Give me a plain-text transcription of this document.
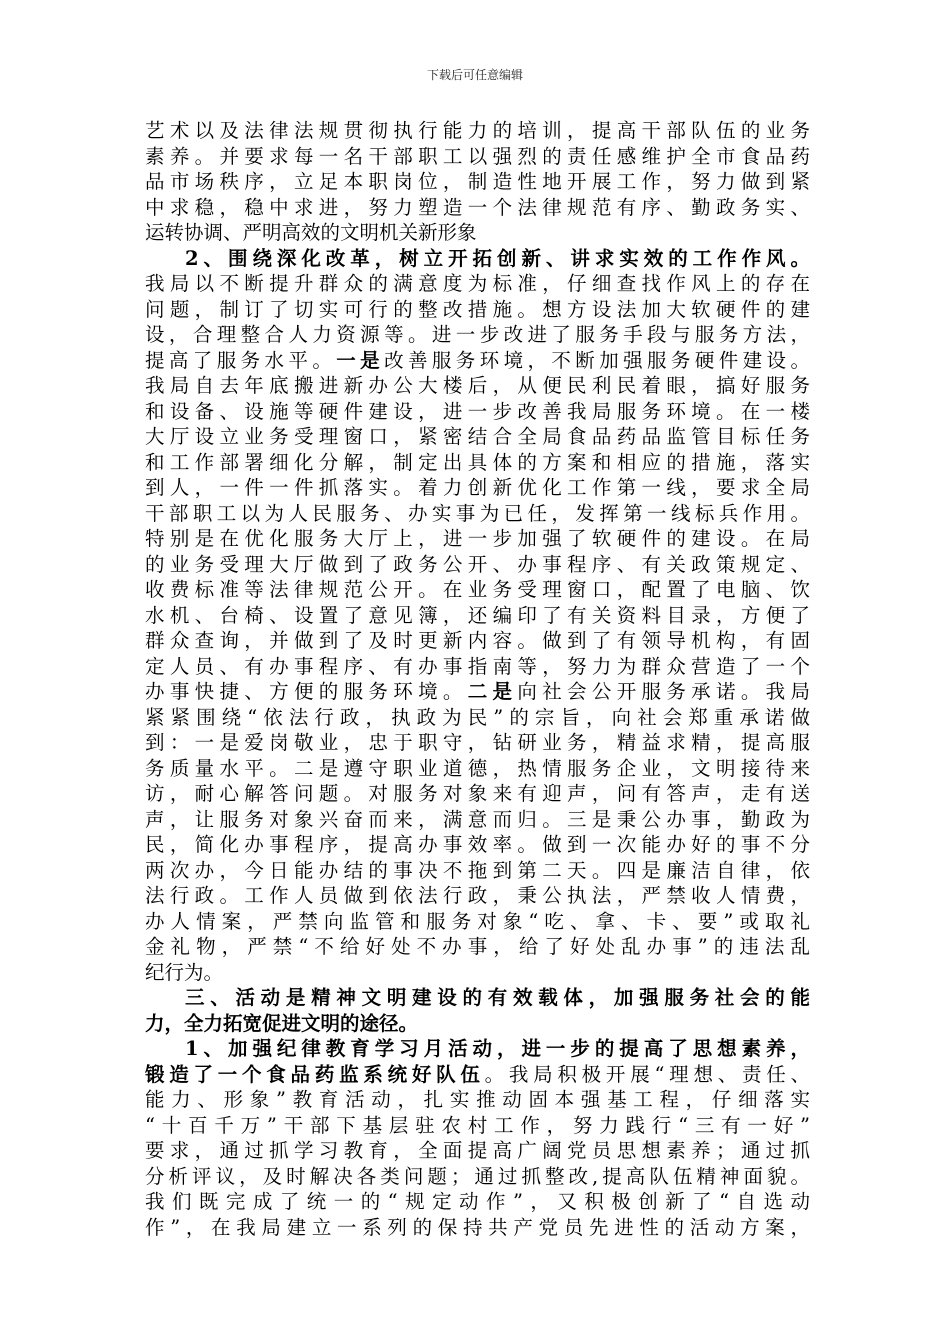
下载后可任意编辑
艺术以及法律法规贯彻执行能力的培训，提高干部队伍的业务
素养。并要求每一名干部职工以强烈的责任感维护全市食品药
品市场秩序，立足本职岗位，制造性地开展工作，努力做到紧
中求稳，稳中求进，努力塑造一个法律规范有序、勤政务实、
运转协调、严明高效的文明机关新形象
2、围绕深化改革，树立开拓创新、讲求实效的工作作风。
我局以不断提升群众的满意度为标准，仔细查找作风上的存在
问题，制订了切实可行的整改措施。想方设法加大软硬件的建
设，合理整合人力资源等。进一步改进了服务手段与服务方法，
提高了服务水平。一是改善服务环境，不断加强服务硬件建设。
我局自去年底搬进新办公大楼后，从便民利民着眼，搞好服务
和设备、设施等硬件建设，进一步改善我局服务环境。在一楼
大厅设立业务受理窗口，紧密结合全局食品药品监管目标任务
和工作部署细化分解，制定出具体的方案和相应的措施，落实
到人，一件一件抓落实。着力创新优化工作第一线，要求全局
干部职工以为人民服务、办实事为已任，发挥第一线标兵作用。
特别是在优化服务大厅上，进一步加强了软硬件的建设。在局
的业务受理大厅做到了政务公开、办事程序、有关政策规定、
收费标准等法律规范公开。在业务受理窗口，配置了电脑、饮
水机、台椅、设置了意见簿，还编印了有关资料目录，方便了
群众查询，并做到了及时更新内容。做到了有领导机构，有固
定人员、有办事程序、有办事指南等，努力为群众营造了一个
办事快捷、方便的服务环境。二是向社会公开服务承诺。我局
紧紧围绕“依法行政，执政为民”的宗旨，向社会郑重承诺做
到：一是爱岗敬业，忠于职守，钻研业务，精益求精，提高服
务质量水平。二是遵守职业道德，热情服务企业，文明接待来
访，耐心解答问题。对服务对象来有迎声，问有答声，走有送
声，让服务对象兴奋而来，满意而归。三是秉公办事，勤政为
民，简化办事程序，提高办事效率。做到一次能办好的事不分
两次办，今日能办结的事决不拖到第二天。四是廉洁自律，依
法行政。工作人员做到依法行政，秉公执法，严禁收人情费，
办人情案，严禁向监管和服务对象“吃、拿、卡、要”或取礼
金礼物，严禁“不给好处不办事，给了好处乱办事”的违法乱
纪行为。
三、活动是精神文明建设的有效载体，加强服务社会的能
力，全力拓宽促进文明的途径。
1、加强纪律教育学习月活动，进一步的提高了思想素养，
锻造了一个食品药监系统好队伍。我局积极开展“理想、责任、
能力、形象”教育活动，扎实推动固本强基工程，仔细落实
“十百千万”干部下基层驻农村工作，努力践行“三有一好”
要求，通过抓学习教育，全面提高广阔党员思想素养；通过抓
分析评议，及时解决各类问题；通过抓整改,提高队伍精神面貌。
我们既完成了统一的“规定动作”，又积极创新了“自选动
作”，在我局建立一系列的保持共产党员先进性的活动方案，
